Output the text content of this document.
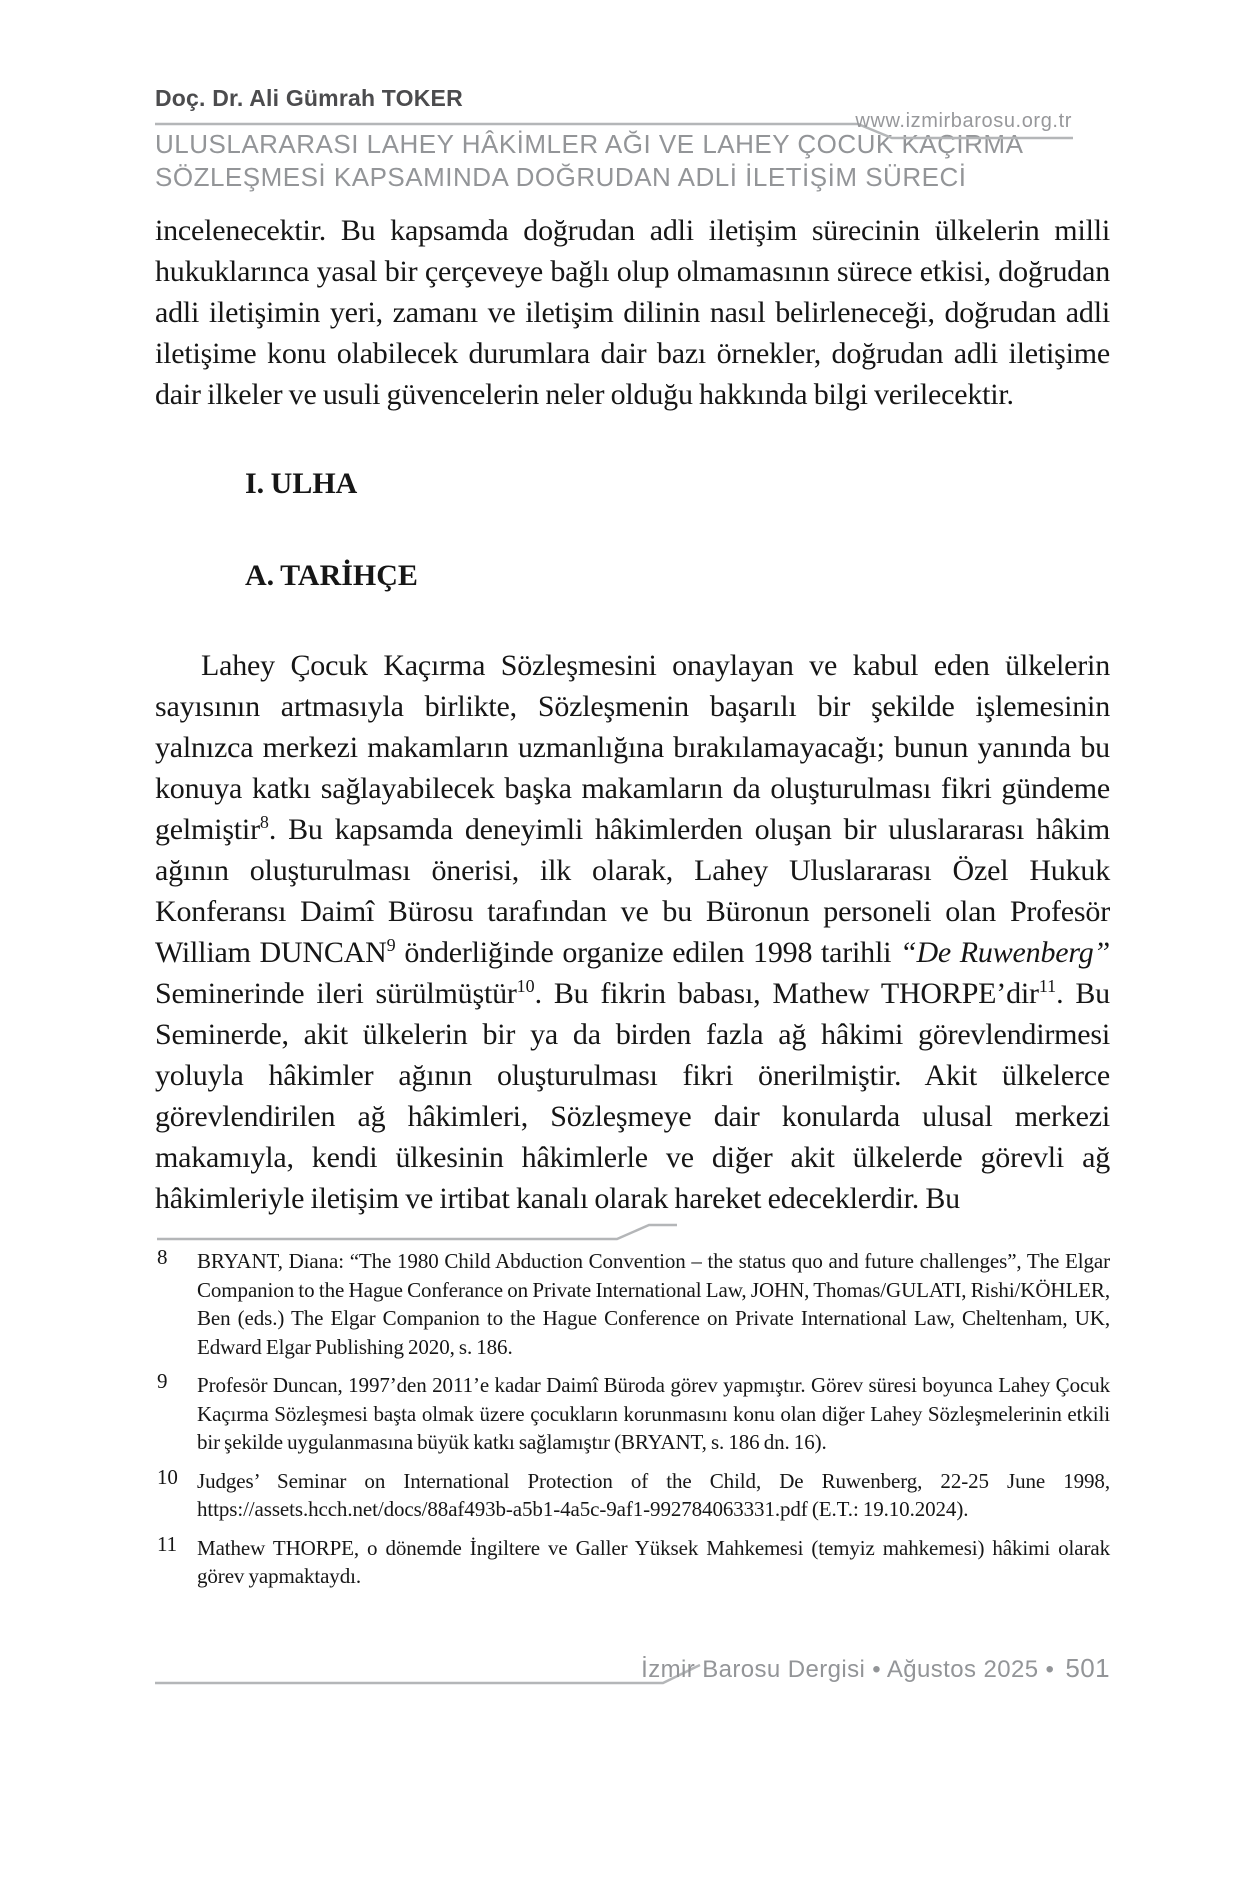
Doç. Dr. Ali Gümrah TOKER
www.izmirbarosu.org.tr
ULUSLARARASI LAHEY HÂKİMLER AĞI VE LAHEY ÇOCUK KAÇIRMA
SÖZLEŞMESİ KAPSAMINDA DOĞRUDAN ADLİ İLETİŞİM SÜRECİ

incelenecektir. Bu kapsamda doğrudan adli iletişim sürecinin ülkelerin milli hukuklarınca yasal bir çerçeveye bağlı olup olmamasının sürece etkisi, doğrudan adli iletişimin yeri, zamanı ve iletişim dilinin nasıl belirleneceği, doğrudan adli iletişime konu olabilecek durumlara dair bazı örnekler, doğrudan adli iletişime dair ilkeler ve usuli güvencelerin neler olduğu hakkında bilgi verilecektir.

I. ULHA
A. TARİHÇE

Lahey Çocuk Kaçırma Sözleşmesini onaylayan ve kabul eden ülkelerin sayısının artmasıyla birlikte, Sözleşmenin başarılı bir şekilde işlemesinin yalnızca merkezi makamların uzmanlığına bırakılamayacağı; bunun yanında bu konuya katkı sağlayabilecek başka makamların da oluşturulması fikri gündeme gelmiştir$^8$. Bu kapsamda deneyimli hâkimlerden oluşan bir uluslararası hâkim ağının oluşturulması önerisi, ilk olarak, Lahey Uluslararası Özel Hukuk Konferansı Daimî Bürosu tarafından ve bu Büronun personeli olan Profesör William DUNCAN$^9$ önderliğinde organize edilen 1998 tarihli “De Ruwenberg” Seminerinde ileri sürülmüştür$^{10}$. Bu fikrin babası, Mathew THORPE’dir$^{11}$. Bu Seminerde, akit ülkelerin bir ya da birden fazla ağ hâkimi görevlendirmesi yoluyla hâkimler ağının oluşturulması fikri önerilmiştir. Akit ülkelerce görevlendirilen ağ hâkimleri, Sözleşmeye dair konularda ulusal merkezi makamıyla, kendi ülkesinin hâkimlerle ve diğer akit ülkelerde görevli ağ hâkimleriyle iletişim ve irtibat kanalı olarak hareket edeceklerdir. Bu

8	BRYANT, Diana: “The 1980 Child Abduction Convention – the status quo and future challenges”, The Elgar Companion to the Hague Conferance on Private International Law, JOHN, Thomas/GULATI, Rishi/KÖHLER, Ben (eds.) The Elgar Companion to the Hague Conference on Private International Law, Cheltenham, UK, Edward Elgar Publishing 2020, s. 186.
9	Profesör Duncan, 1997’den 2011’e kadar Daimî Büroda görev yapmıştır. Görev süresi boyunca Lahey Çocuk Kaçırma Sözleşmesi başta olmak üzere çocukların korunmasını konu olan diğer Lahey Sözleşmelerinin etkili bir şekilde uygulanmasına büyük katkı sağlamıştır (BRYANT, s. 186 dn. 16).
10 Judges’ Seminar on International Protection of the Child, De Ruwenberg, 22-25 June 1998, https://assets.hcch.net/docs/88af493b-a5b1-4a5c-9af1-992784063331.pdf (E.T.: 19.10.2024).
11 Mathew THORPE, o dönemde İngiltere ve Galler Yüksek Mahkemesi (temyiz mahkemesi) hâkimi olarak görev yapmaktaydı.
İzmir Barosu Dergisi • Ağustos 2025 • 501
